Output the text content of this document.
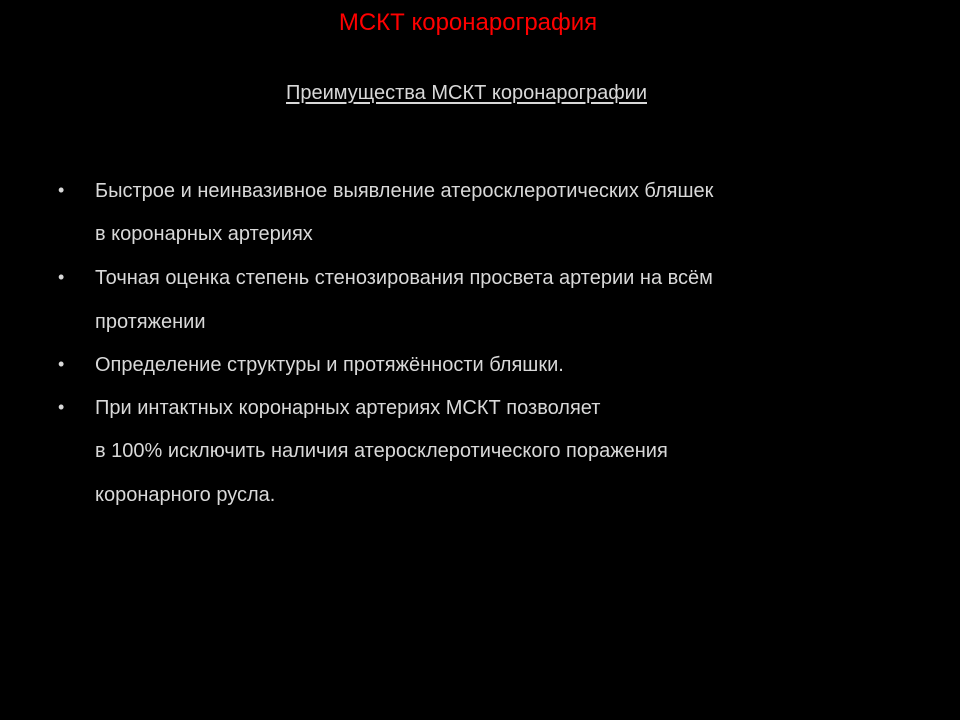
МСКТ коронарография
Преимущества МСКТ коронарографии
• Быстрое и неинвазивное выявление атеросклеротических бляшек
в коронарных артериях
• Точная оценка степень стенозирования просвета артерии на всём
протяжении
• Определение структуры и протяжённости бляшки.
• При интактных коронарных артериях МСКТ позволяет
в 100% исключить наличия атеросклеротического поражения
коронарного русла.
